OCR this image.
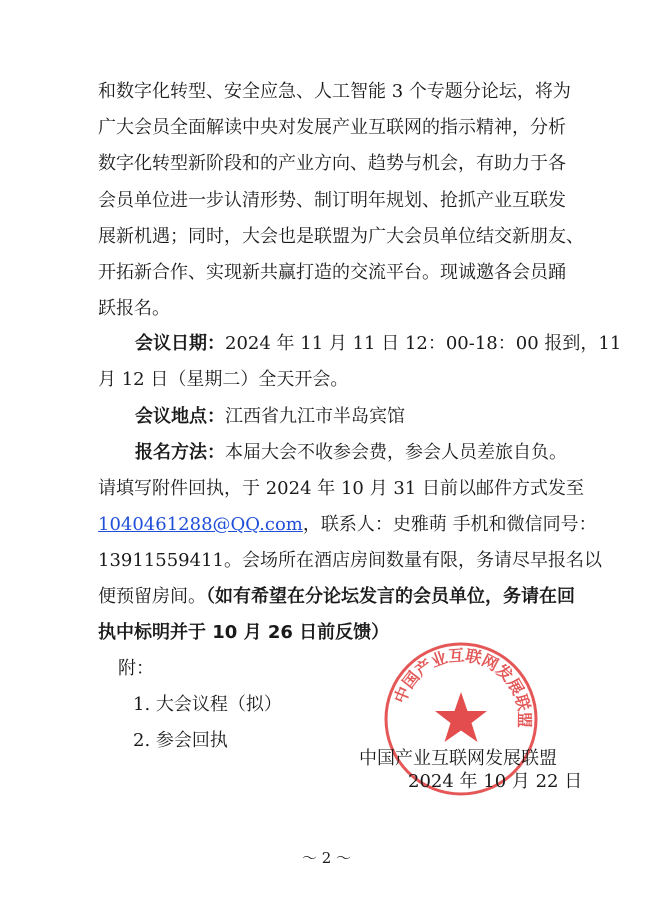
和数字化转型、安全应急、人工智能 3 个专题分论坛，将为
广大会员全面解读中央对发展产业互联网的指示精神，分析
数字化转型新阶段和的产业方向、趋势与机会，有助力于各
会员单位进一步认清形势、制订明年规划、抢抓产业互联发
展新机遇；同时，大会也是联盟为广大会员单位结交新朋友、
开拓新合作、实现新共赢打造的交流平台。现诚邀各会员踊
跃报名。
会议日期：2024 年 11 月 11 日 12：00-18：00 报到，11
月 12 日（星期二）全天开会。
会议地点：江西省九江市半岛宾馆
报名方法：本届大会不收参会费，参会人员差旅自负。
请填写附件回执，于 2024 年 10 月 31 日前以邮件方式发至
1040461288@QQ.com，联系人：史雅萌 手机和微信同号：
13911559411。会场所在酒店房间数量有限，务请尽早报名以
便预留房间。（如有希望在分论坛发言的会员单位，务请在回
执中标明并于 10 月 26 日前反馈）
附：
1. 大会议程（拟）
2. 参会回执
中国产业互联网发展联盟
中国产业互联网发展联盟
2024 年 10 月 22 日
～ 2 ～
